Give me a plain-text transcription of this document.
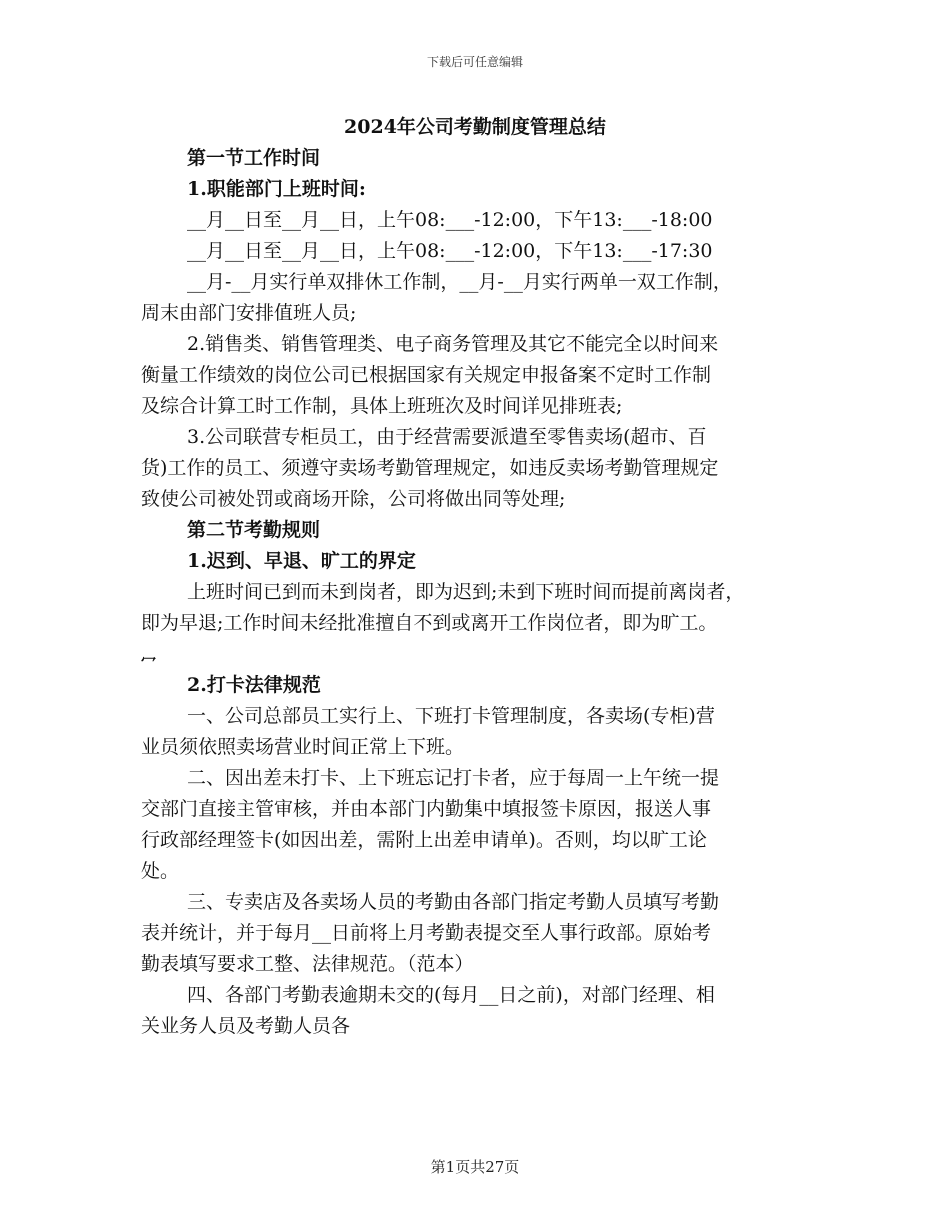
下载后可任意编辑
2024年公司考勤制度管理总结
第一节工作时间
1.职能部门上班时间:
__月__日至__月__日，上午08:___-12:00，下午13:___-18:00
__月__日至__月__日，上午08:___-12:00，下午13:___-17:30
__月-__月实行单双排休工作制，__月-__月实行两单一双工作制，
周末由部门安排值班人员;
2.销售类、销售管理类、电子商务管理及其它不能完全以时间来
衡量工作绩效的岗位公司已根据国家有关规定申报备案不定时工作制
及综合计算工时工作制，具体上班班次及时间详见排班表;
3.公司联营专柜员工，由于经营需要派遣至零售卖场(超市、百
货)工作的员工、须遵守卖场考勤管理规定，如违反卖场考勤管理规定
致使公司被处罚或商场开除，公司将做出同等处理;
第二节考勤规则
1.迟到、早退、旷工的界定
上班时间已到而未到岗者，即为迟到;未到下班时间而提前离岗者，
即为早退;工作时间未经批准擅自不到或离开工作岗位者，即为旷工。
冖
2.打卡法律规范
一、公司总部员工实行上、下班打卡管理制度，各卖场(专柜)营
业员须依照卖场营业时间正常上下班。
二、因出差未打卡、上下班忘记打卡者，应于每周一上午统一提
交部门直接主管审核，并由本部门内勤集中填报签卡原因，报送人事
行政部经理签卡(如因出差，需附上出差申请单)。否则，均以旷工论
处。
三、专卖店及各卖场人员的考勤由各部门指定考勤人员填写考勤
表并统计，并于每月__日前将上月考勤表提交至人事行政部。原始考
勤表填写要求工整、法律规范。（范本）
四、各部门考勤表逾期未交的(每月__日之前)，对部门经理、相
关业务人员及考勤人员各
第1页共27页
